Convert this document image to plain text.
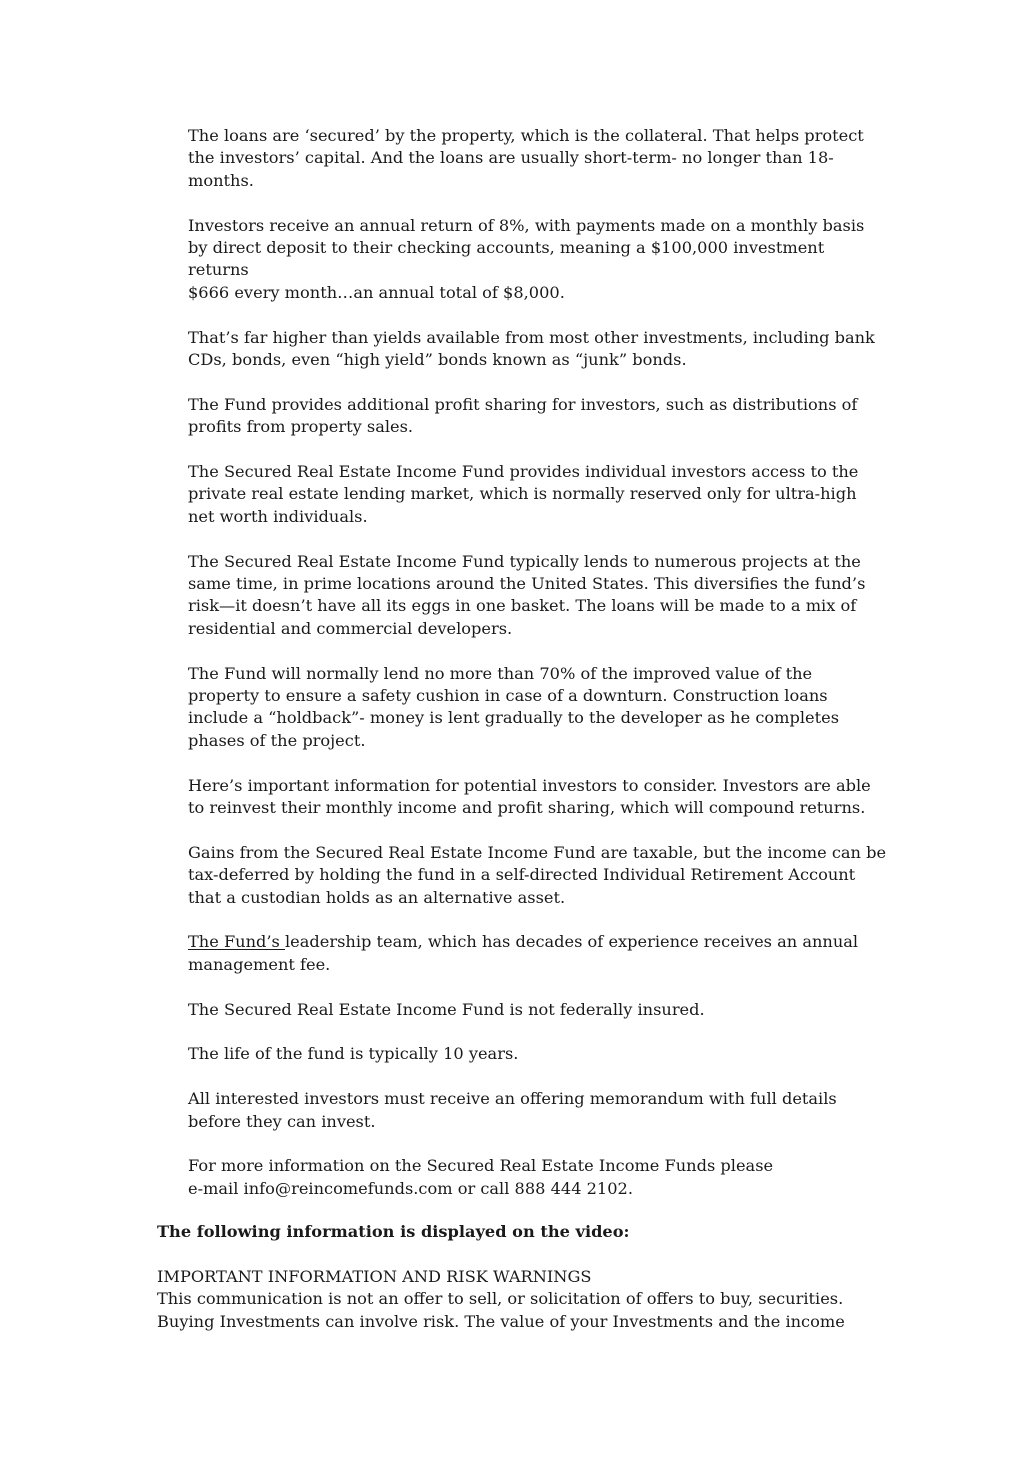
The loans are ‘secured’ by the property, which is the collateral. That helps protect
the investors’ capital. And the loans are usually short-term- no longer than 18-
months.

Investors receive an annual return of 8%, with payments made on a monthly basis
by direct deposit to their checking accounts, meaning a $100,000 investment returns
$666 every month…an annual total of $8,000.

That’s far higher than yields available from most other investments, including bank
CDs, bonds, even “high yield” bonds known as “junk” bonds.

The Fund provides additional profit sharing for investors, such as distributions of
profits from property sales.

The Secured Real Estate Income Fund provides individual investors access to the
private real estate lending market, which is normally reserved only for ultra-high
net worth individuals.

The Secured Real Estate Income Fund typically lends to numerous projects at the
same time, in prime locations around the United States. This diversifies the fund’s
risk—it doesn’t have all its eggs in one basket. The loans will be made to a mix of
residential and commercial developers.

The Fund will normally lend no more than 70% of the improved value of the
property to ensure a safety cushion in case of a downturn. Construction loans
include a “holdback”- money is lent gradually to the developer as he completes
phases of the project.

Here’s important information for potential investors to consider. Investors are able
to reinvest their monthly income and profit sharing, which will compound returns.

Gains from the Secured Real Estate Income Fund are taxable, but the income can be
tax-deferred by holding the fund in a self-directed Individual Retirement Account
that a custodian holds as an alternative asset.

The Fund’s leadership team, which has decades of experience receives an annual
management fee.

The Secured Real Estate Income Fund is not federally insured.

The life of the fund is typically 10 years.

All interested investors must receive an offering memorandum with full details
before they can invest.

For more information on the Secured Real Estate Income Funds please
e-mail info@reincomefunds.com or call 888 444 2102.

The following information is displayed on the video:

IMPORTANT INFORMATION AND RISK WARNINGS
This communication is not an offer to sell, or solicitation of offers to buy, securities.
Buying Investments can involve risk. The value of your Investments and the income
